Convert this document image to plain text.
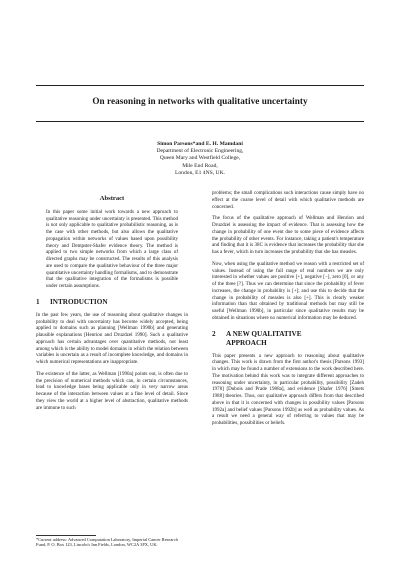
On reasoning in networks with qualitative uncertainty
Simon Parsons*and E. H. Mamdani
Department of Electronic Engineering,
Queen Mary and Westfield College,
Mile End Road,
London, E1 4NS, UK.
Abstract
In this paper some initial work towards a new approach to qualitative reasoning under uncertainty is presented. This method is not only applicable to qualitative probabilistic reasoning, as is the case with other methods, but also allows the qualitative propagation within networks of values based upon possibility theory and Dempster-Shafer evidence theory. The method is applied to two simple networks from which a large class of directed graphs may be constructed. The results of this analysis are used to compare the qualitative behaviour of the three major quantitative uncertainty handling formalisms, and to demonstrate that the qualitative integration of the formalisms is possible under certain assumptions.
1 INTRODUCTION
In the past few years, the use of reasoning about qualitative changes in probability to deal with uncertainty has become widely accepted, being applied to domains such as planning [Wellman 1990b] and generating plausible explanations [Henrion and Druzdzel 1990]. Such a qualitative approach has certain advantages over quantitative methods, not least among which is the ability to model domains in which the relation between variables is uncertain as a result of incomplete knowledge, and domains in which numerical representations are inappropriate.
The existence of the latter, as Wellman [1990a] points out, is often due to the precision of numerical methods which can, in certain circumstances, lead to knowledge bases being applicable only in very narrow areas because of the interaction between values at a fine level of detail. Since they view the world at a higher level of abstraction, qualitative methods are immune to such
problems; the small complications such interactions cause simply have no effect at the coarse level of detail with which qualitative methods are concerned.
The focus of the qualitative approach of Wellman and Henrion and Druzdzel is assessing the impact of evidence. That is assessing how the change in probability of one event due to some piece of evidence affects the probability of other events. For instance, taking a patient's temperature and finding that it is 38C is evidence that increases the probability that she has a fever, which in turn increases the probability that she has measles.
Now, when using the qualitative method we reason with a restricted set of values. Instead of using the full range of real numbers we are only interested in whether values are positive [+], negative [−], zero [0], or any of the three [?]. Thus we can determine that since the probability of fever increases, the change in probability is [+]; and use this to decide that the change in probability of measles is also [+]. This is clearly weaker information than that obtained by traditional methods but may still be useful [Wellman 1990b], in particular since qualitative results may be obtained in situations where no numerical information may be deduced.
2 A NEW QUALITATIVE
APPROACH
This paper presents a new approach to reasoning about qualitative changes. This work is drawn from the first author's thesis [Parsons 1993] in which may be found a number of extensions to the work described here. The motivation behind this work was to integrate different approaches to reasoning under uncertainty, in particular probability, possibility [Zadeh 1978] [Dubois and Prade 1988a], and evidence [Shafer 1976] [Smets 1988] theories. Thus, our qualitative approach differs from that described above in that it is concerned with changes in possibility values [Parsons 1992a] and belief values [Parsons 1992b] as well as probability values. As a result we need a general way of referring to values that may be probabilities, possibilities or beliefs.
*Current address: Advanced Computation Laboratory, Imperial Cancer Research Fund, P. O. Box 123, Lincoln's Inn Fields, London, WC2A 3PX, UK.
